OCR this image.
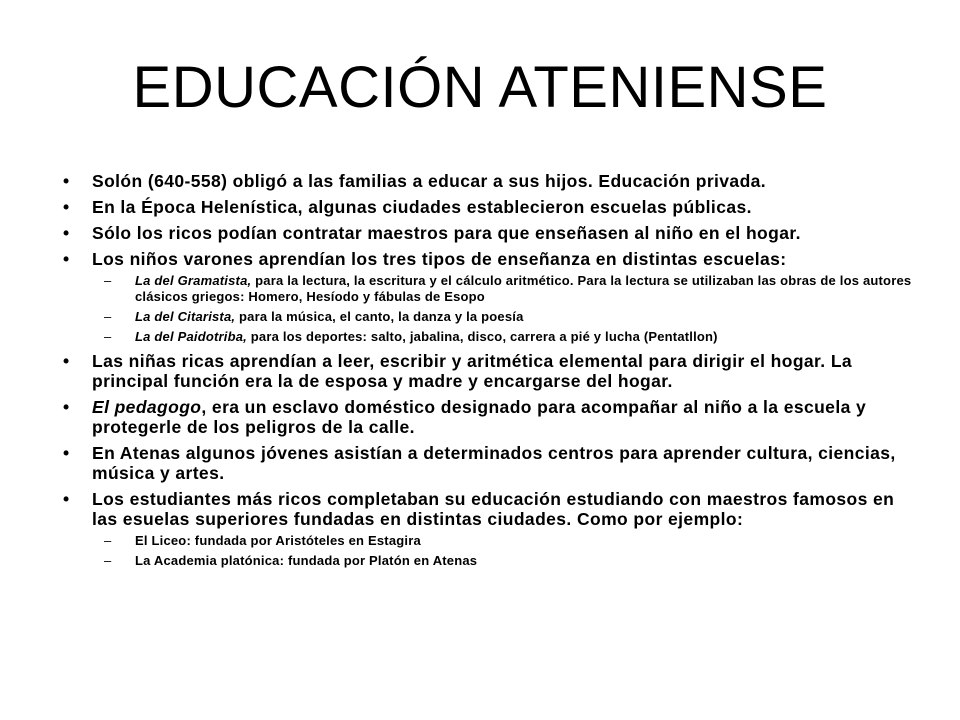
EDUCACIÓN ATENIENSE
• Solón (640-558) obligó a las familias a educar a sus hijos. Educación privada.
• En la Época Helenística, algunas ciudades establecieron escuelas públicas.
• Sólo los ricos podían contratar maestros para que enseñasen al niño en el hogar.
• Los niños varones aprendían los tres tipos de enseñanza en distintas escuelas:
– La del Gramatista, para la lectura, la escritura y el cálculo aritmético. Para la lectura se utilizaban las obras de los autores clásicos griegos: Homero, Hesíodo y fábulas de Esopo
– La del Citarista, para la música, el canto, la danza y la poesía
– La del Paidotriba, para los deportes: salto, jabalina, disco, carrera a pié y lucha (Pentatllon)
• Las niñas ricas aprendían a leer, escribir y aritmética elemental para dirigir el hogar. La principal función era la de esposa y madre y encargarse del hogar.
• El pedagogo, era un esclavo doméstico designado para acompañar al niño a la escuela y protegerle de los peligros de la calle.
• En Atenas algunos jóvenes asistían a determinados centros para aprender cultura, ciencias, música y artes.
• Los estudiantes más ricos completaban su educación estudiando con maestros famosos en las esuelas superiores fundadas en distintas ciudades. Como por ejemplo:
– El Liceo: fundada por Aristóteles en Estagira
– La Academia platónica: fundada por Platón en Atenas
